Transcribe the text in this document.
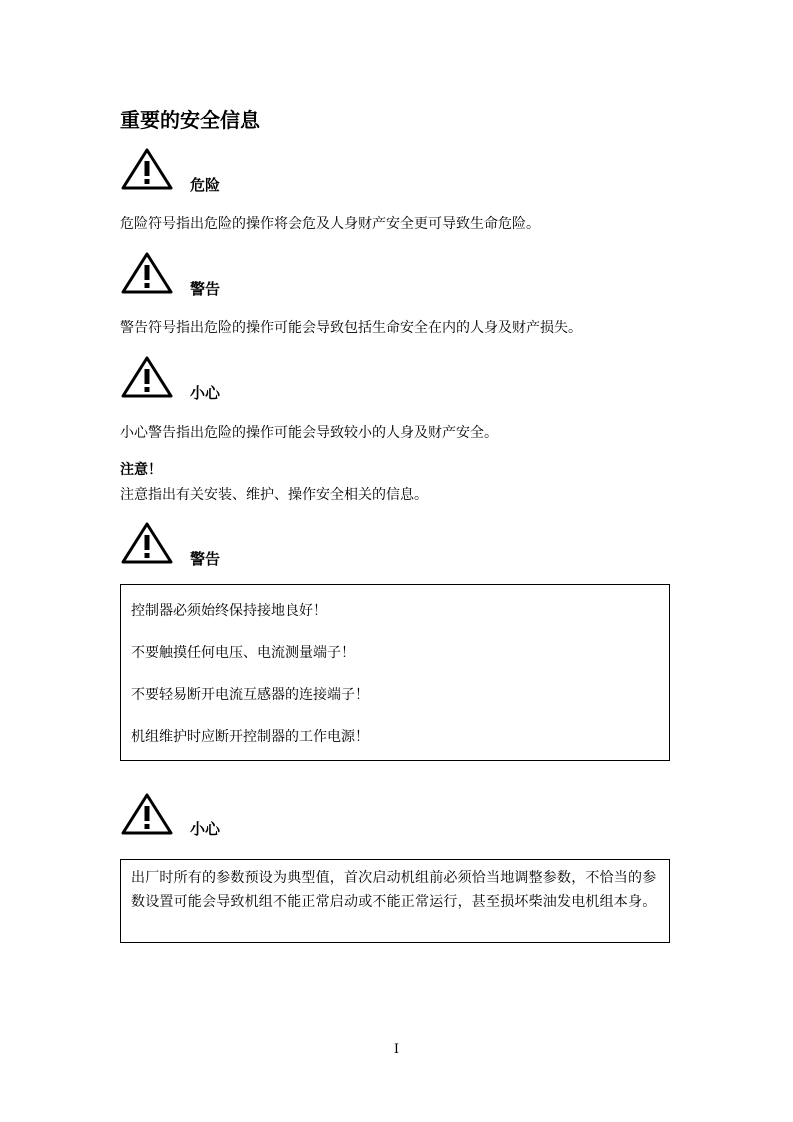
重要的安全信息
危险
危险符号指出危险的操作将会危及人身财产安全更可导致生命危险。
警告
警告符号指出危险的操作可能会导致包括生命安全在内的人身及财产损失。
小心
小心警告指出危险的操作可能会导致较小的人身及财产安全。
注意！
注意指出有关安装、维护、操作安全相关的信息。
警告
控制器必须始终保持接地良好！
不要触摸任何电压、电流测量端子！
不要轻易断开电流互感器的连接端子！
机组维护时应断开控制器的工作电源！
小心
出厂时所有的参数预设为典型值，首次启动机组前必须恰当地调整参数，不恰当的参数设置可能会导致机组不能正常启动或不能正常运行，甚至损坏柴油发电机组本身。
I
